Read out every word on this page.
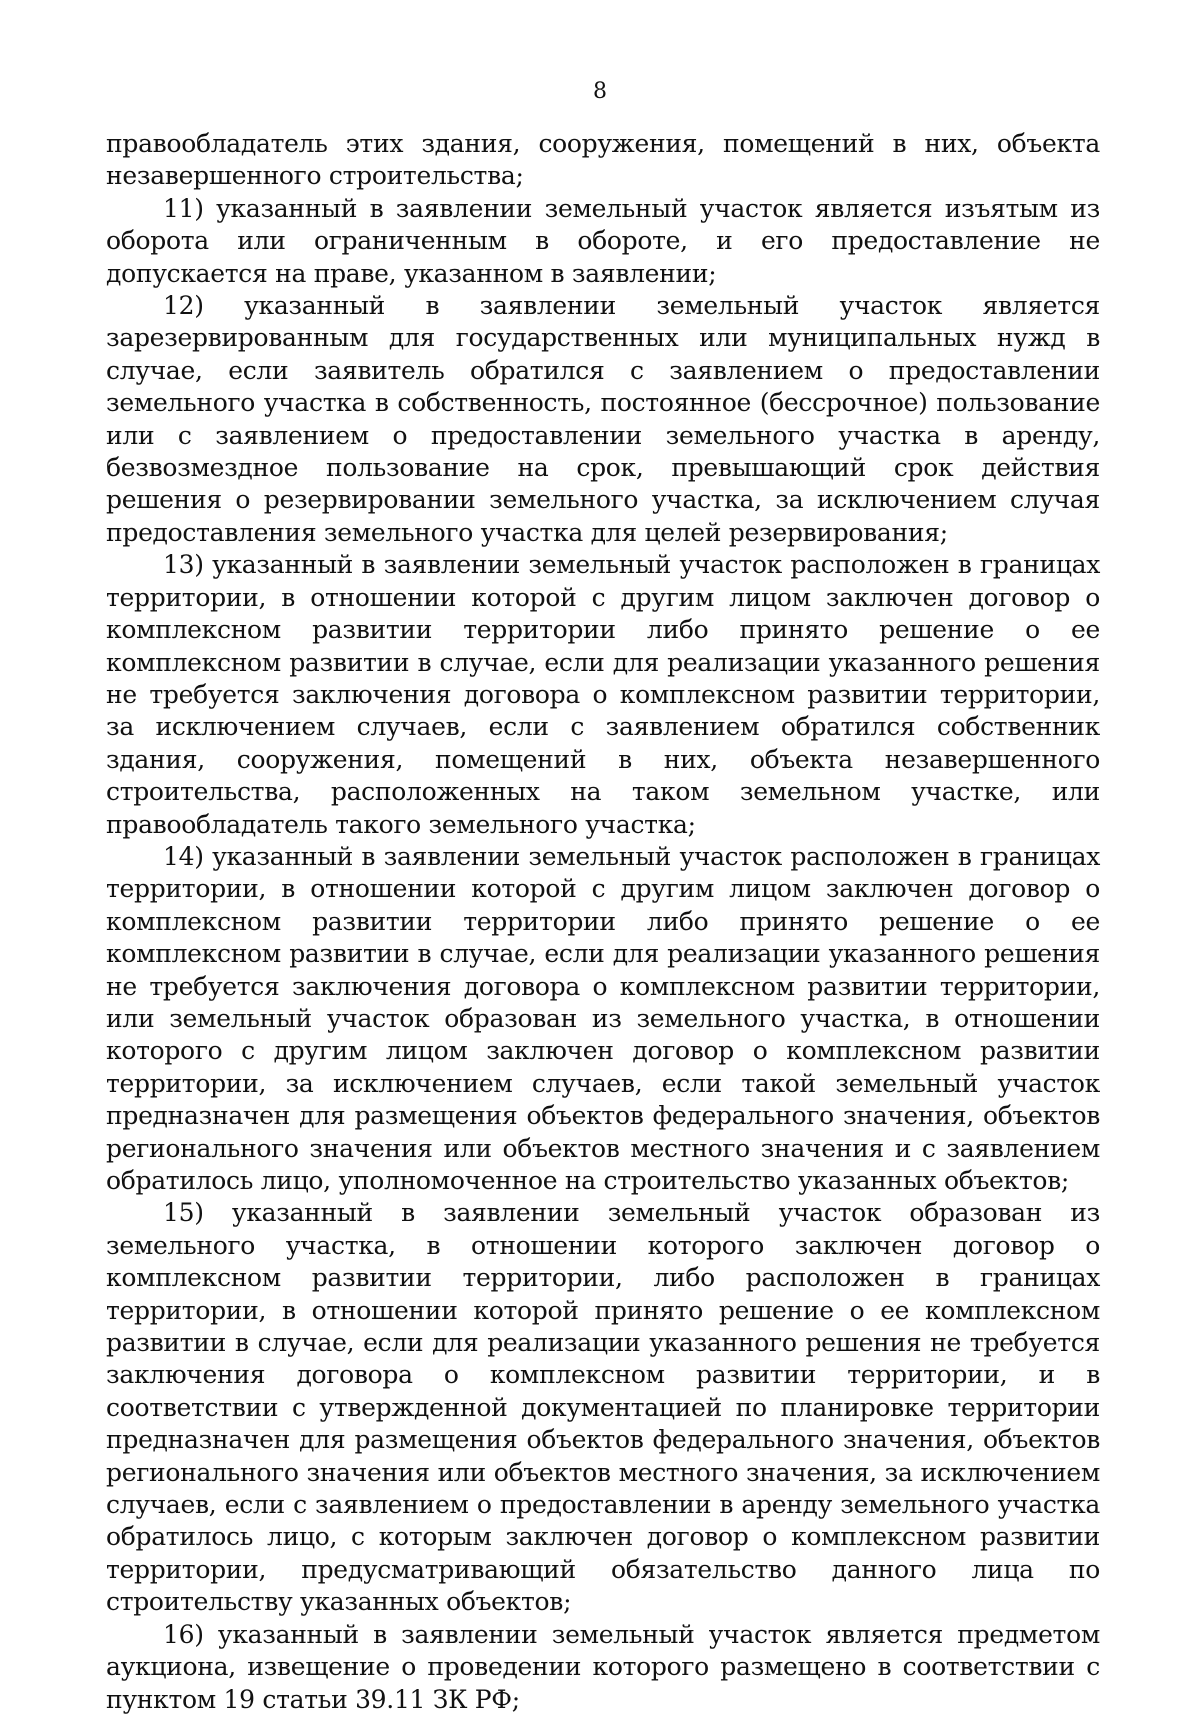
8

правообладатель этих здания, сооружения, помещений в них, объекта незавершенного строительства;

11) указанный в заявлении земельный участок является изъятым из оборота или ограниченным в обороте, и его предоставление не допускается на праве, указанном в заявлении;

12) указанный в заявлении земельный участок является зарезервированным для государственных или муниципальных нужд в случае, если заявитель обратился с заявлением о предоставлении земельного участка в собственность, постоянное (бессрочное) пользование или с заявлением о предоставлении земельного участка в аренду, безвозмездное пользование на срок, превышающий срок действия решения о резервировании земельного участка, за исключением случая предоставления земельного участка для целей резервирования;

13) указанный в заявлении земельный участок расположен в границах территории, в отношении которой с другим лицом заключен договор о комплексном развитии территории либо принято решение о ее комплексном развитии в случае, если для реализации указанного решения не требуется заключения договора о комплексном развитии территории, за исключением случаев, если с заявлением обратился собственник здания, сооружения, помещений в них, объекта незавершенного строительства, расположенных на таком земельном участке, или правообладатель такого земельного участка;

14) указанный в заявлении земельный участок расположен в границах территории, в отношении которой с другим лицом заключен договор о комплексном развитии территории либо принято решение о ее комплексном развитии в случае, если для реализации указанного решения не требуется заключения договора о комплексном развитии территории, или земельный участок образован из земельного участка, в отношении которого с другим лицом заключен договор о комплексном развитии территории, за исключением случаев, если такой земельный участок предназначен для размещения объектов федерального значения, объектов регионального значения или объектов местного значения и с заявлением обратилось лицо, уполномоченное на строительство указанных объектов;

15) указанный в заявлении земельный участок образован из земельного участка, в отношении которого заключен договор о комплексном развитии территории, либо расположен в границах территории, в отношении которой принято решение о ее комплексном развитии в случае, если для реализации указанного решения не требуется заключения договора о комплексном развитии территории, и в соответствии с утвержденной документацией по планировке территории предназначен для размещения объектов федерального значения, объектов регионального значения или объектов местного значения, за исключением случаев, если с заявлением о предоставлении в аренду земельного участка обратилось лицо, с которым заключен договор о комплексном развитии территории, предусматривающий обязательство данного лица по строительству указанных объектов;

16) указанный в заявлении земельный участок является предметом аукциона, извещение о проведении которого размещено в соответствии с пунктом 19 статьи 39.11 ЗК РФ;
